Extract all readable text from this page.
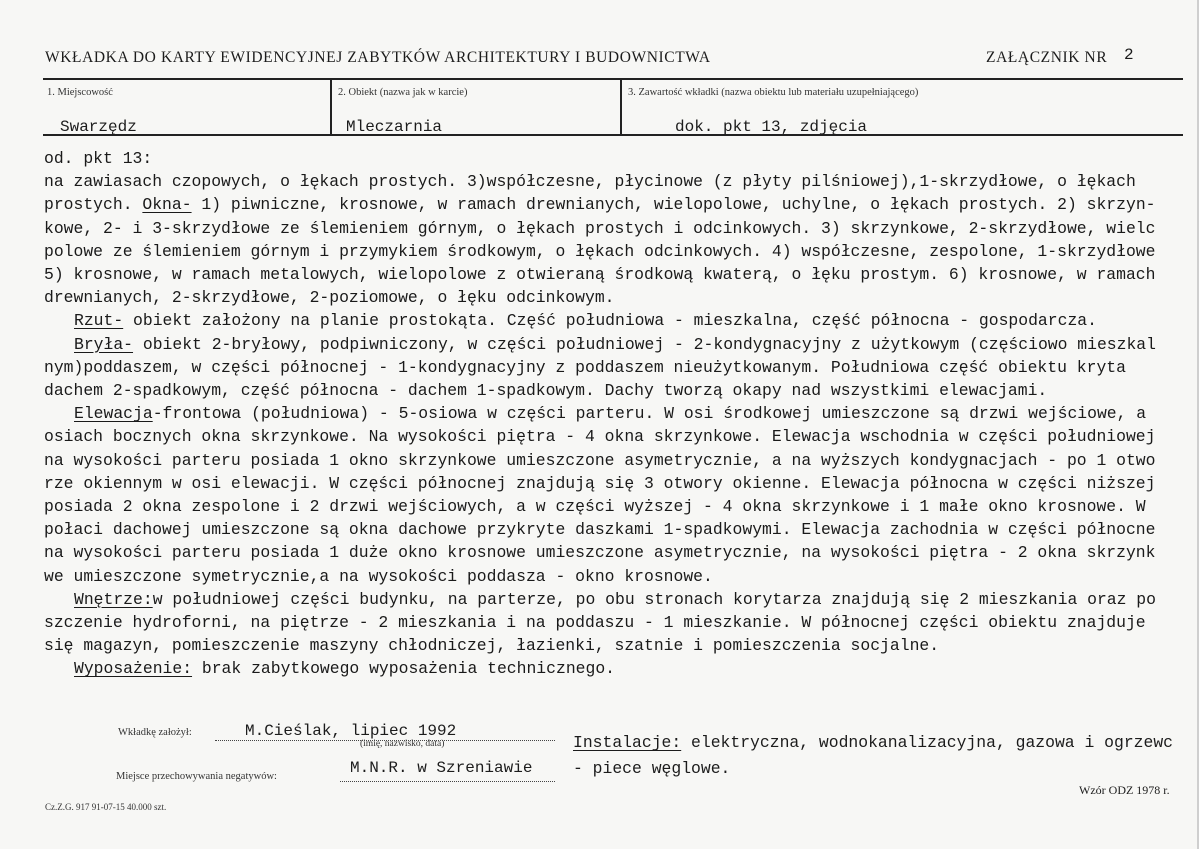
WKŁADKA DO KARTY EWIDENCYJNEJ ZABYTKÓW ARCHITEKTURY I BUDOWNICTWA	ZAŁĄCZNIK NR 2
1. Miejscowość
Swarzędz
2. Obiekt (nazwa jak w karcie)
Mleczarnia
3. Zawartość wkładki (nazwa obiektu lub materiału uzupełniającego)
dok. pkt 13, zdjęcia
od. pkt 13:
na zawiasach czopowych, o łękach prostych. 3)współczesne, płycinowe (z płyty pilśniowej),1-skrzydłowe, o łękach
prostych. Okna- 1) piwniczne, krosnowe, w ramach drewnianych, wielopolowe, uchylne, o łękach prostych. 2) skrzyn-
kowe, 2- i 3-skrzydłowe ze ślemieniem górnym, o łękach prostych i odcinkowych. 3) skrzynkowe, 2-skrzydłowe, wielc
polowe ze ślemieniem górnym i przymykiem środkowym, o łękach odcinkowych. 4) współczesne, zespolone, 1-skrzydłowe
5) krosnowe, w ramach metalowych, wielopolowe z otwieraną środkową kwaterą, o łęku prostym. 6) krosnowe, w ramach
drewnianych, 2-skrzydłowe, 2-poziomowe, o łęku odcinkowym.
Rzut- obiekt założony na planie prostokąta. Część południowa - mieszkalna, część północna - gospodarcza.
Bryła- obiekt 2-bryłowy, podpiwniczony, w części południowej - 2-kondygnacyjny z użytkowym (częściowo mieszkal
nym)poddaszem, w części północnej - 1-kondygnacyjny z poddaszem nieużytkowanym. Południowa część obiektu kryta
dachem 2-spadkowym, część północna - dachem 1-spadkowym. Dachy tworzą okapy nad wszystkimi elewacjami.
Elewacja-frontowa (południowa) - 5-osiowa w części parteru. W osi środkowej umieszczone są drzwi wejściowe, a
osiach bocznych okna skrzynkowe. Na wysokości piętra - 4 okna skrzynkowe. Elewacja wschodnia w części południowej
na wysokości parteru posiada 1 okno skrzynkowe umieszczone asymetrycznie, a na wyższych kondygnacjach - po 1 otwo
rze okiennym w osi elewacji. W części północnej znajdują się 3 otwory okienne. Elewacja północna w części niższej
posiada 2 okna zespolone i 2 drzwi wejściowych, a w części wyższej - 4 okna skrzynkowe i 1 małe okno krosnowe. W
połaci dachowej umieszczone są okna dachowe przykryte daszkami 1-spadkowymi. Elewacja zachodnia w części północne
na wysokości parteru posiada 1 duże okno krosnowe umieszczone asymetrycznie, na wysokości piętra - 2 okna skrzynk
we umieszczone symetrycznie,a na wysokości poddasza - okno krosnowe.
Wnętrze:w południowej części budynku, na parterze, po obu stronach korytarza znajdują się 2 mieszkania oraz po
szczenie hydroforni, na piętrze - 2 mieszkania i na poddaszu - 1 mieszkanie. W północnej części obiektu znajduje
się magazyn, pomieszczenie maszyny chłodniczej, łazienki, szatnie i pomieszczenia socjalne.
Wyposażenie: brak zabytkowego wyposażenia technicznego.
Wkładkę założył:	M.Cieślak, lipiec 1992
(imię, nazwisko, data)
Miejsce przechowywania negatywów:	M.N.R. w Szreniawie
Instalacje: elektryczna, wodnokanalizacyjna, gazowa i ogrzewc
- piece węglowe.
Wzór ODZ 1978 r.
Cz.Z.G. 917 91-07-15 40.000 szt.
